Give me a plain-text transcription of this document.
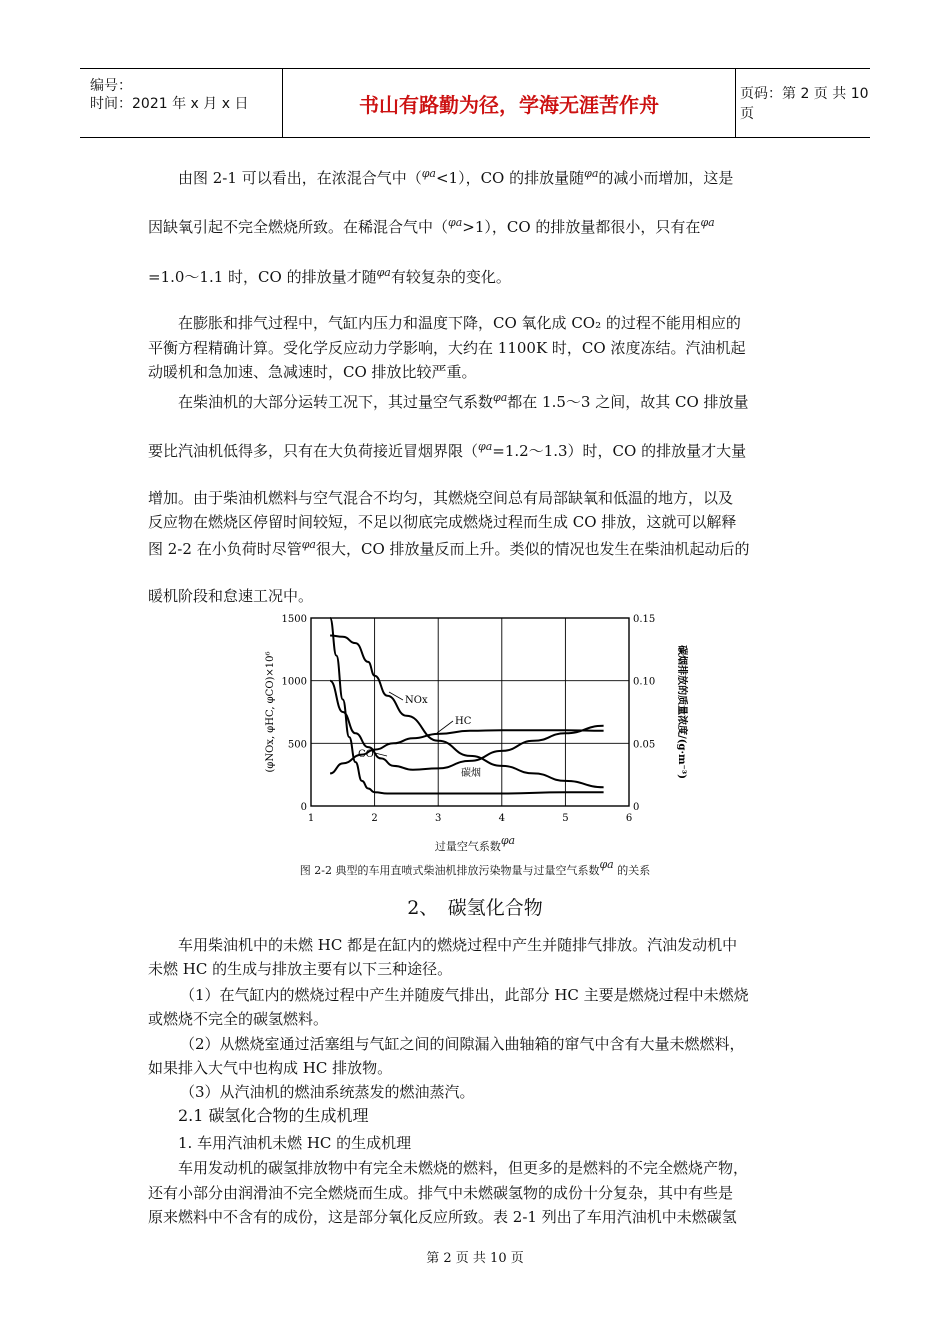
编号：
时间：2021 年 x 月 x 日	书山有路勤为径，学海无涯苦作舟	页码：第 2 页 共 10 页
由图 2-1 可以看出，在浓混合气中（$^{\varphi a}$<1），CO 的排放量随$^{\varphi a}$的减小而增加，这是
因缺氧引起不完全燃烧所致。在稀混合气中（$^{\varphi a}$>1），CO 的排放量都很小，只有在$^{\varphi a}$
=1.0～1.1 时，CO 的排放量才随$^{\varphi a}$有较复杂的变化。
在膨胀和排气过程中，气缸内压力和温度下降，CO 氧化成 CO₂ 的过程不能用相应的
平衡方程精确计算。受化学反应动力学影响，大约在 1100K 时，CO 浓度冻结。汽油机起
动暖机和急加速、急减速时，CO 排放比较严重。
在柴油机的大部分运转工况下，其过量空气系数$^{\varphi a}$都在 1.5～3 之间，故其 CO 排放量
要比汽油机低得多，只有在大负荷接近冒烟界限（$^{\varphi a}$=1.2～1.3）时，CO 的排放量才大量
增加。由于柴油机燃料与空气混合不均匀，其燃烧空间总有局部缺氧和低温的地方，以及
反应物在燃烧区停留时间较短，不足以彻底完成燃烧过程而生成 CO 排放，这就可以解释
图 2-2 在小负荷时尽管$^{\varphi a}$很大，CO 排放量反而上升。类似的情况也发生在柴油机起动后的
暖机阶段和怠速工况中。
1	2	3	4	5	6
0
500
1000
1500
0
0.05
0.10
0.15
(φNOx, φHC, φCO)×10⁶	碳烟排放的质量浓度/(g·m⁻³)
NOx
HC
CO
碳烟
过量空气系数φa
图 2-2 典型的车用直喷式柴油机排放污染物量与过量空气系数φa 的关系
2、　碳氢化合物
车用柴油机中的未燃 HC 都是在缸内的燃烧过程中产生并随排气排放。汽油发动机中
未燃 HC 的生成与排放主要有以下三种途径。
（1）在气缸内的燃烧过程中产生并随废气排出，此部分 HC 主要是燃烧过程中未燃烧
或燃烧不完全的碳氢燃料。
（2）从燃烧室通过活塞组与气缸之间的间隙漏入曲轴箱的窜气中含有大量未燃燃料，
如果排入大气中也构成 HC 排放物。
（3）从汽油机的燃油系统蒸发的燃油蒸汽。
2.1 碳氢化合物的生成机理
1. 车用汽油机未燃 HC 的生成机理
车用发动机的碳氢排放物中有完全未燃烧的燃料，但更多的是燃料的不完全燃烧产物，
还有小部分由润滑油不完全燃烧而生成。排气中未燃碳氢物的成份十分复杂，其中有些是
原来燃料中不含有的成份，这是部分氧化反应所致。表 2-1 列出了车用汽油机中未燃碳氢
第 2 页 共 10 页
